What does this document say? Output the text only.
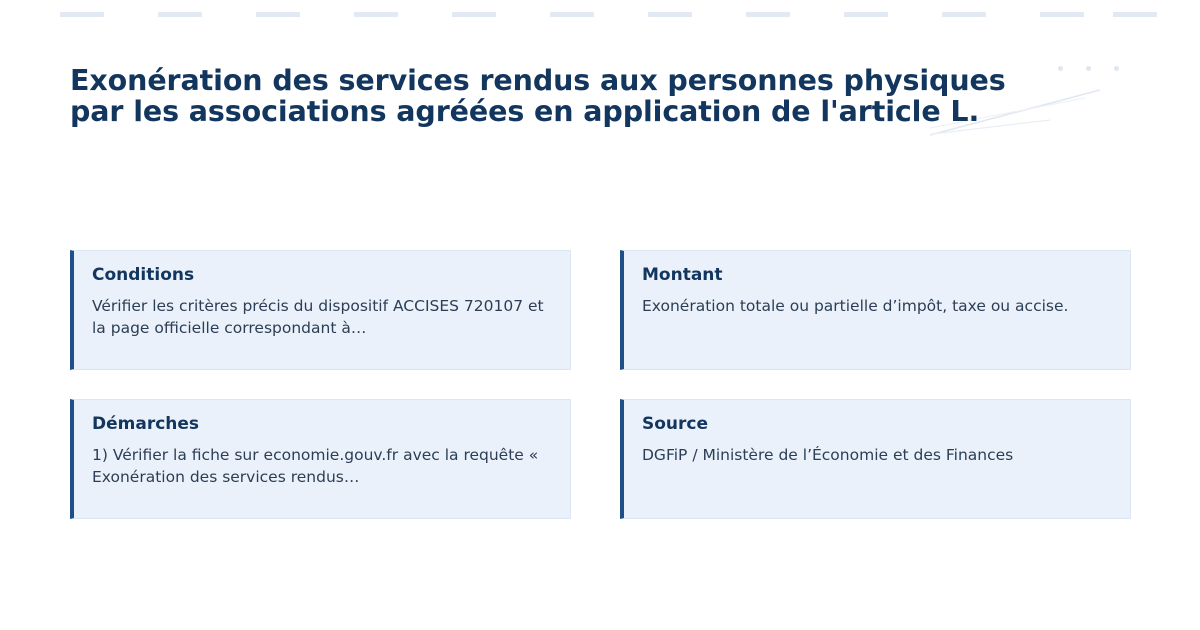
Exonération des services rendus aux personnes physiques par les associations agréées en application de l'article L.
Conditions

Vérifier les critères précis du dispositif ACCISES 720107 et la page officielle correspondant à…

Montant

Exonération totale ou partielle d’impôt, taxe ou accise.

Démarches

1) Vérifier la fiche sur economie.gouv.fr avec la requête « Exonération des services rendus…

Source

DGFiP / Ministère de l’Économie et des Finances
